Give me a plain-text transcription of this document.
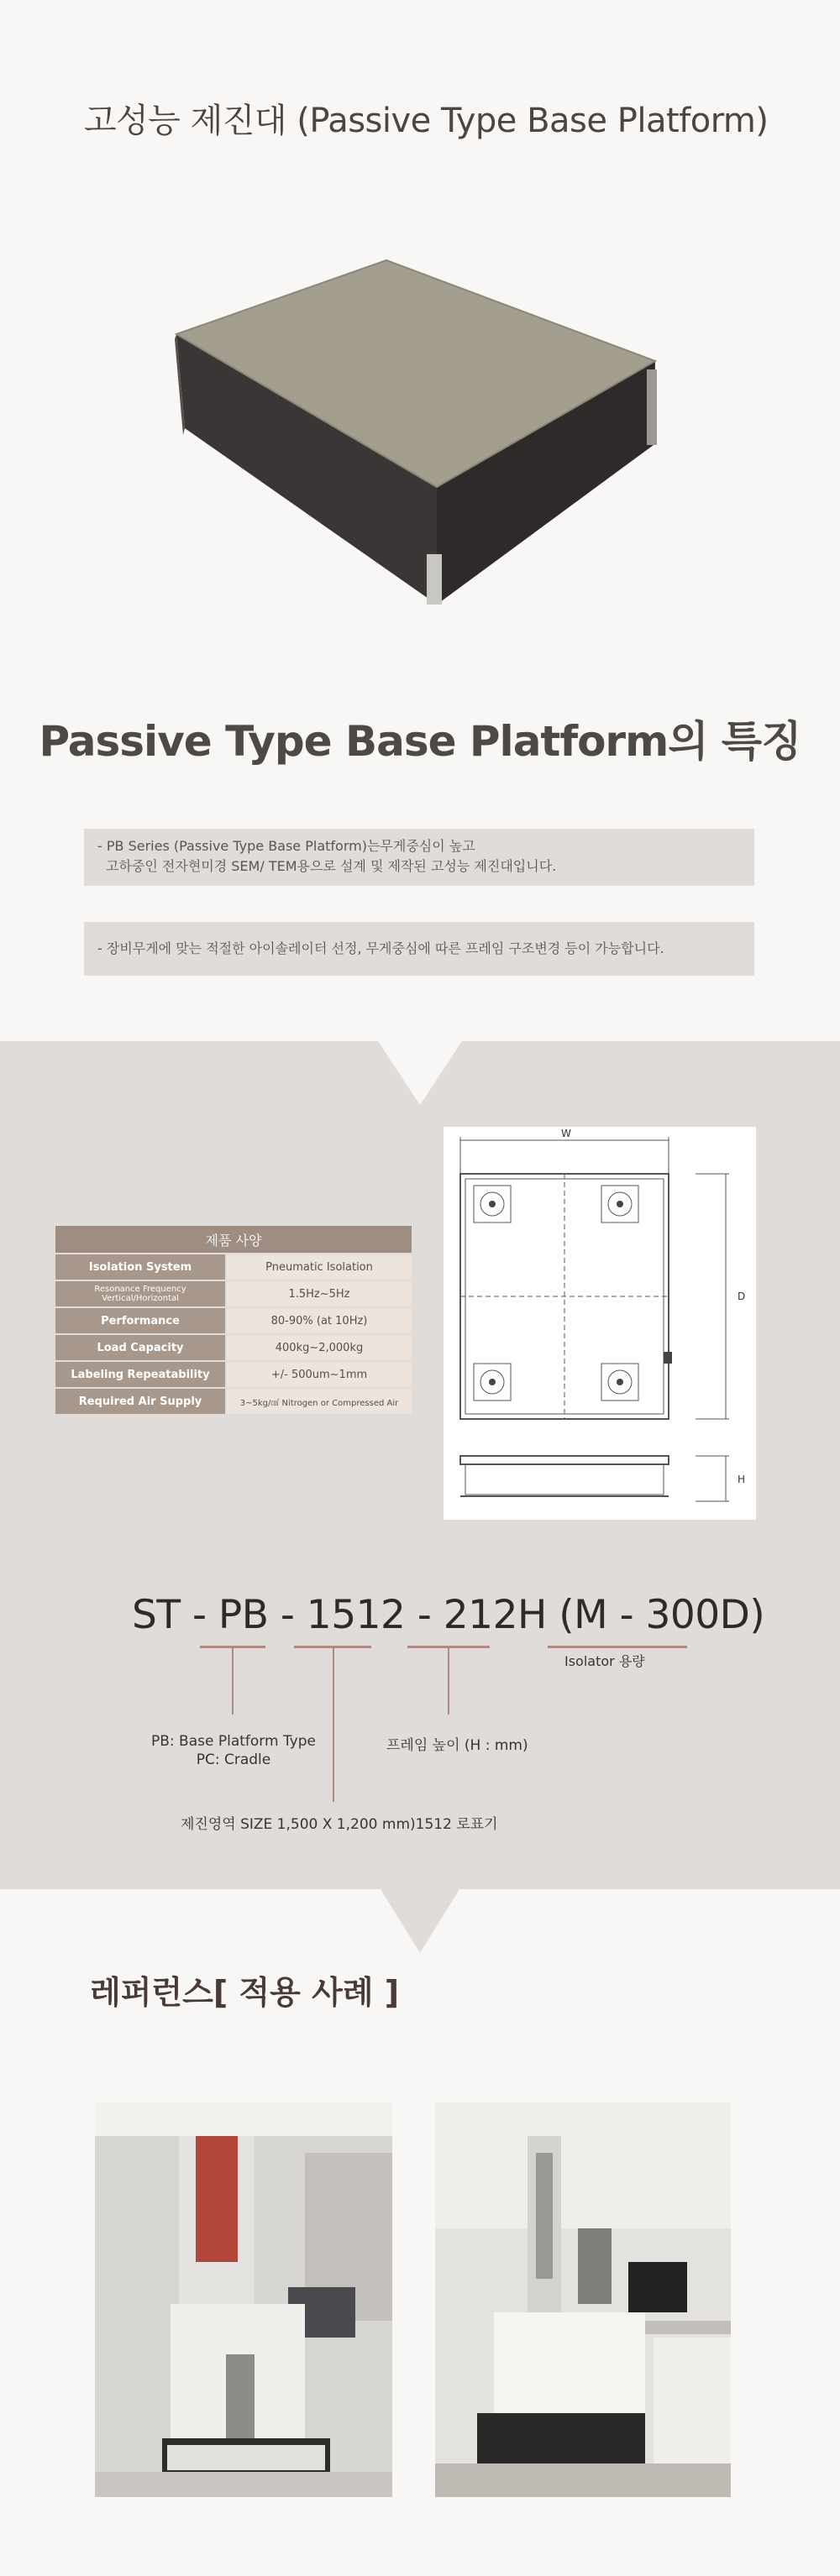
고성능 제진대 (Passive Type Base Platform)
Passive Type Base Platform의 특징
- PB Series (Passive Type Base Platform)는무게중심이 높고
고하중인 전자현미경 SEM/ TEM용으로 설계 및 제작된 고성능 제진대입니다.
- 장비무게에 맞는 적절한 아이솔레이터 선정, 무게중심에 따른 프레임 구조변경 등이 가능합니다.
제품 사양	
Isolation System	Pneumatic Isolation
Resonance Frequency Vertical/Horizontal	1.5Hz~5Hz
Performance	80-90% (at 10Hz)
Load Capacity	400kg~2,000kg
Labeling Repeatability	+/- 500um~1mm
Required Air Supply	3~5kg/㎠ Nitrogen or Compressed Air
W
D
H
ST - PB - 1512 - 212H (M - 300D)
Isolator 용량
PB: Base Platform Type
PC: Cradle
프레임 높이 (H : mm)
제진영역 SIZE 1,500 X 1,200 mm)1512 로표기
레퍼런스[ 적용 사례 ]
